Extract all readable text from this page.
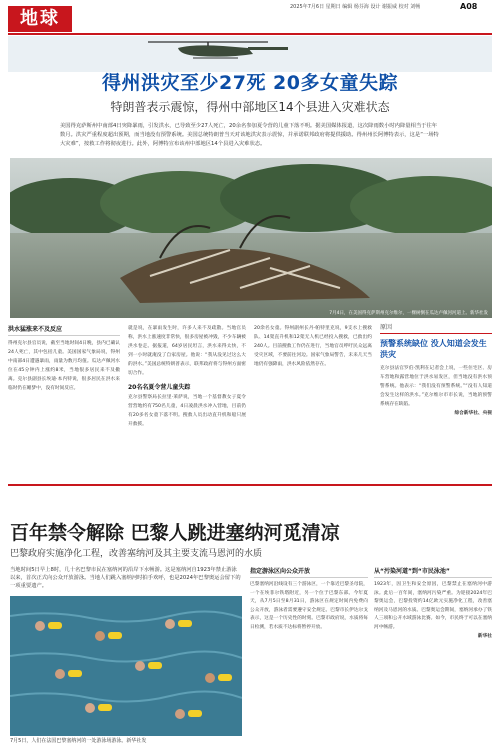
地球
2025年7月6日 星期日 编辑 杨芬海 设计 谢振威 校对 刘畅	A08
得州洪灾至少27死 20多女童失踪
特朗普表示震惊，得州中部地区14个县进入灾难状态
美国得克萨斯州中南部4日突降暴雨，引发洪水，已导致至少27人死亡，20余名参加夏令营的儿童下落不明。据美国媒体报道，这次降雨数小时内降量相当于往年数月。洪灾严重程度超出预期，而当地没有预警系统。美国总统特朗普当天对该地洪灾表示震惊，并承诺联邦政府将提供援助。得州州长阿博特表示，这是“一场特大灾难”，按救工作将彻夜进行。此外，阿博特宣布该州中部地区14个县进入灾难状态。
7月4日，在美国得克萨斯州克尔维尔，一棵树倒在瓜达卢佩河河道上。新华社发
洪水猛涨来不及反应
得州克尔县官员说，截至当地时间4日晚，县内已确认24人死亡，其中包括儿童。美国国家气象局说，得州中南部4日遭遇暴雨，雨量为数月均值。瓜达卢佩河水位在45分钟内上涨约8米，当地很多居民来不及撤离。克尔县副县长埃迪·本内特说，很多居民在洪水来临时仍在睡梦中，没有时间反应。
就是说，在暴雨发生时，许多人来不及疏散。当地官员称，洪水上涨速度非常快，很多房屋被冲毁，不少车辆被洪水卷走。据报道，64岁居民坦言，洪水来得太快，不到一小时就淹没了自家房屋。他说：“我从没见过这么大的洪水。”美国总统特朗普表示，联邦政府将与得州方面密切合作。
20名名夏令营儿童失踪
克尔县警察局长拉里·莱萨说，当地一个基督教女子夏令营营地约有750名儿童，4日凌晨洪水冲入营地，目前仍有20多名女童下落不明。搜救人员出动直升机和船只展开救援。
20余名女童。得州副州长丹·帕特里克说，9支水上搜救队、14架直升机和12架无人机已经投入搜救，已救出约240人。目前搜救工作仍在进行，当地官员呼吁民众远离受灾区域，不要前往河边。国家气象局警告，未来几天当地仍有强降雨，洪水风险依然存在。
原因
预警系统缺位 没人知道会发生洪灾
克尔县法官罗伯·凯利在记者会上说，一些住宅区、房车营地和露营地位于洪水易发区，但当地没有洪水预警系统。他表示：“我们没有预警系统。”“没有人知道会发生这样的洪水。”克尔维尔市市长说，当地的预警系统存在缺陷。
综合新华社、央视
百年禁令解除 巴黎人跳进塞纳河觅清凉
巴黎政府实施净化工程，改善塞纳河及其主要支流马恩河的水质
当地时间5日早上8时，几十名巴黎市民在塞纳河的沿岸下水畅游。这是塞纳河自1923年禁止游泳以来，首次正式向公众开放游泳。当地人们跳入塞纳河时拍手欢呼，也是2024年巴黎奥运会留下的一项重要遗产。
7月5日，人们在法国巴黎塞纳河的一处游泳场游泳。新华社发
指定游泳区向公众开放
巴黎塞纳河沿线设有三个游泳区，一个靠近巴黎圣母院，一个在埃菲尔铁塔附近，另一个位于巴黎东部。今年夏天，从7月5日至8月31日，游泳区在规定时间内免费向公众开放，游泳者需要遵守安全规定。巴黎市长伊达尔戈表示，这是一个历史性的时刻。巴黎市政府说，水质将每日检测，若水质不达标将暂停开放。
从“污染河道”到“市民泳池”
1923年，因卫生和安全原因，巴黎禁止在塞纳河中游泳。此后一百年间，塞纳河污染严重。为迎接2024年巴黎奥运会，巴黎投资约14亿欧元实施净化工程，改善塞纳河及马恩河的水质。巴黎奥运会期间，塞纳河承办了铁人三项和公开水域游泳比赛。如今，市民终于可以在塞纳河中畅游。
新华社
